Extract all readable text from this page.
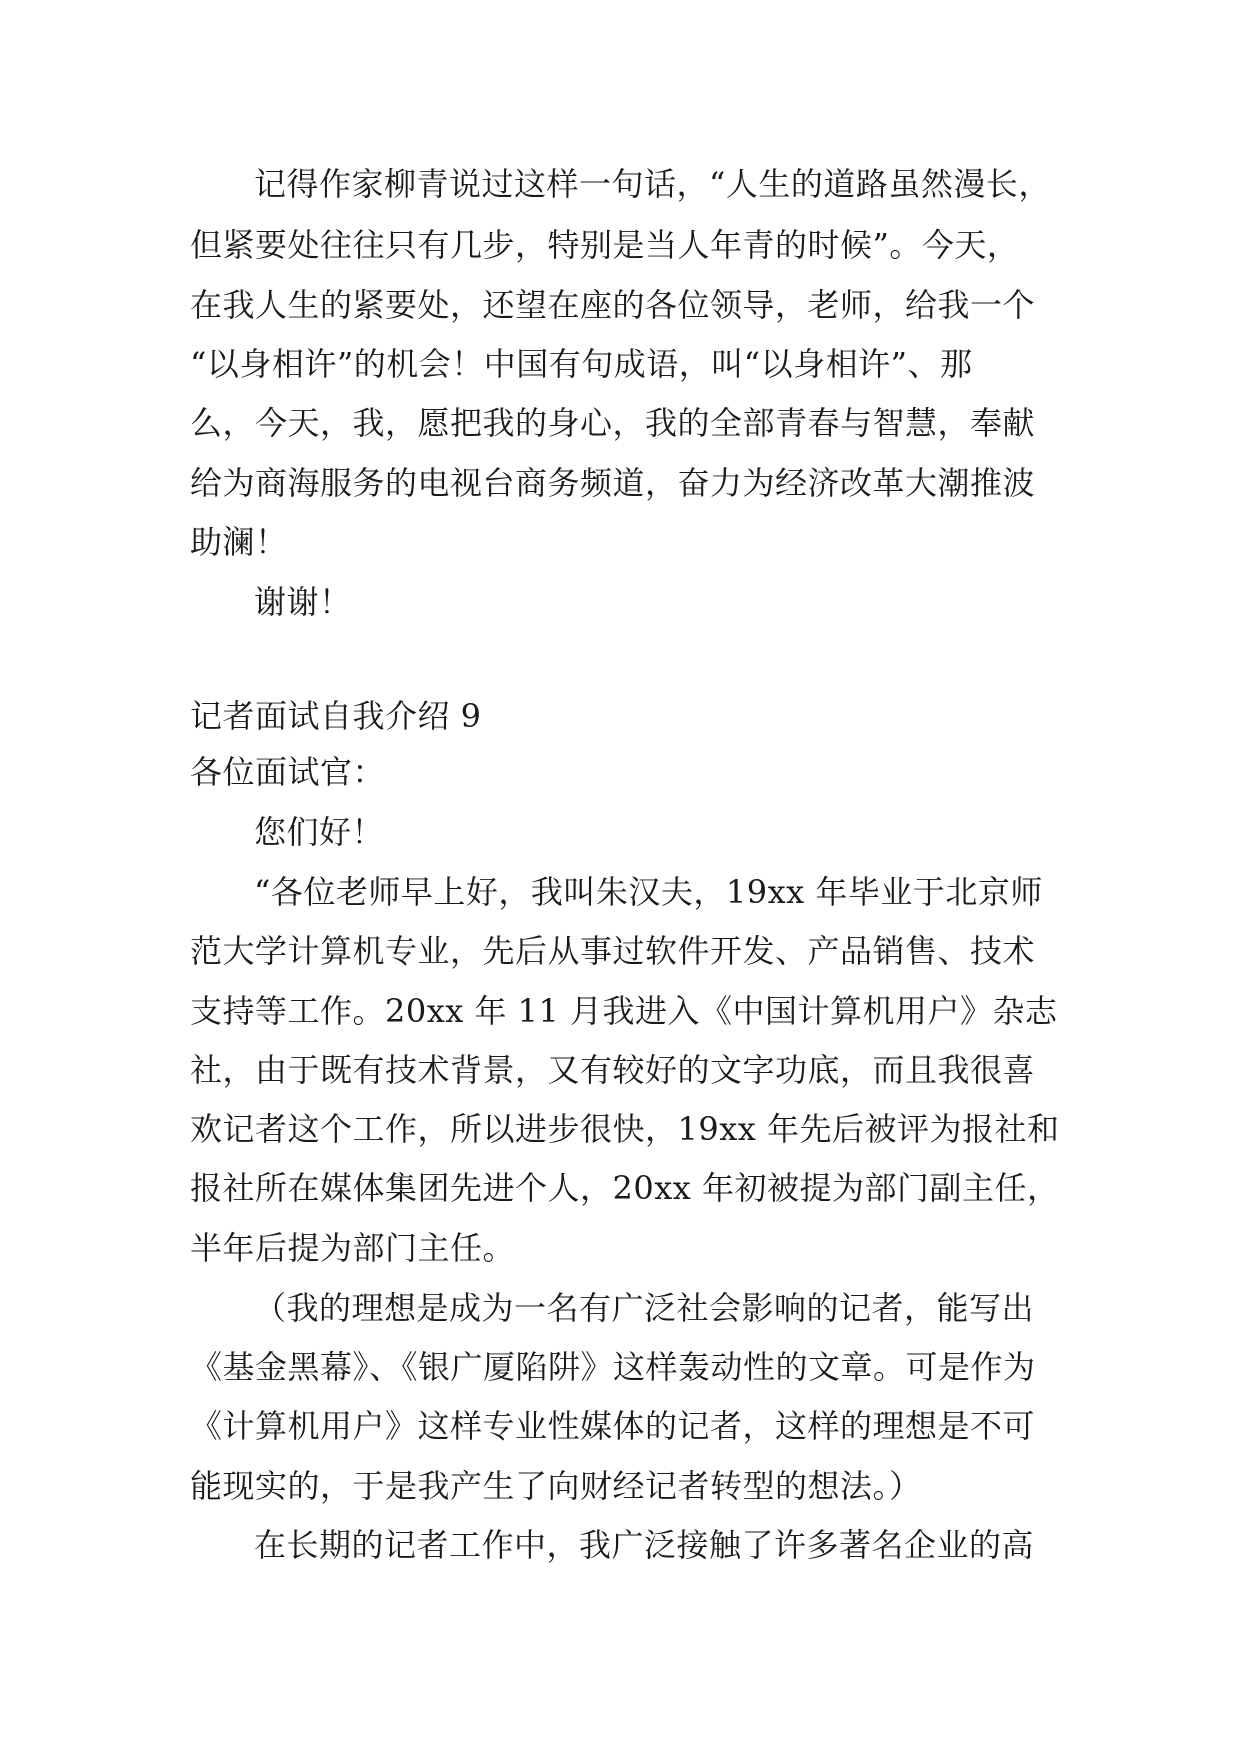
记得作家柳青说过这样一句话，“人生的道路虽然漫长，
但紧要处往往只有几步，特别是当人年青的时候”。今天，
在我人生的紧要处，还望在座的各位领导，老师，给我一个
“以身相许”的机会！中国有句成语，叫“以身相许”、那
么，今天，我，愿把我的身心，我的全部青春与智慧，奉献
给为商海服务的电视台商务频道，奋力为经济改革大潮推波
助澜！
谢谢！
记者面试自我介绍 9
各位面试官：
您们好！
“各位老师早上好，我叫朱汉夫，19xx 年毕业于北京师
范大学计算机专业，先后从事过软件开发、产品销售、技术
支持等工作。20xx 年 11 月我进入《中国计算机用户》杂志
社，由于既有技术背景，又有较好的文字功底，而且我很喜
欢记者这个工作，所以进步很快，19xx 年先后被评为报社和
报社所在媒体集团先进个人，20xx 年初被提为部门副主任，
半年后提为部门主任。
（我的理想是成为一名有广泛社会影响的记者，能写出
《基金黑幕》、《银广厦陷阱》这样轰动性的文章。可是作为
《计算机用户》这样专业性媒体的记者，这样的理想是不可
能现实的，于是我产生了向财经记者转型的想法。）
在长期的记者工作中，我广泛接触了许多著名企业的高
